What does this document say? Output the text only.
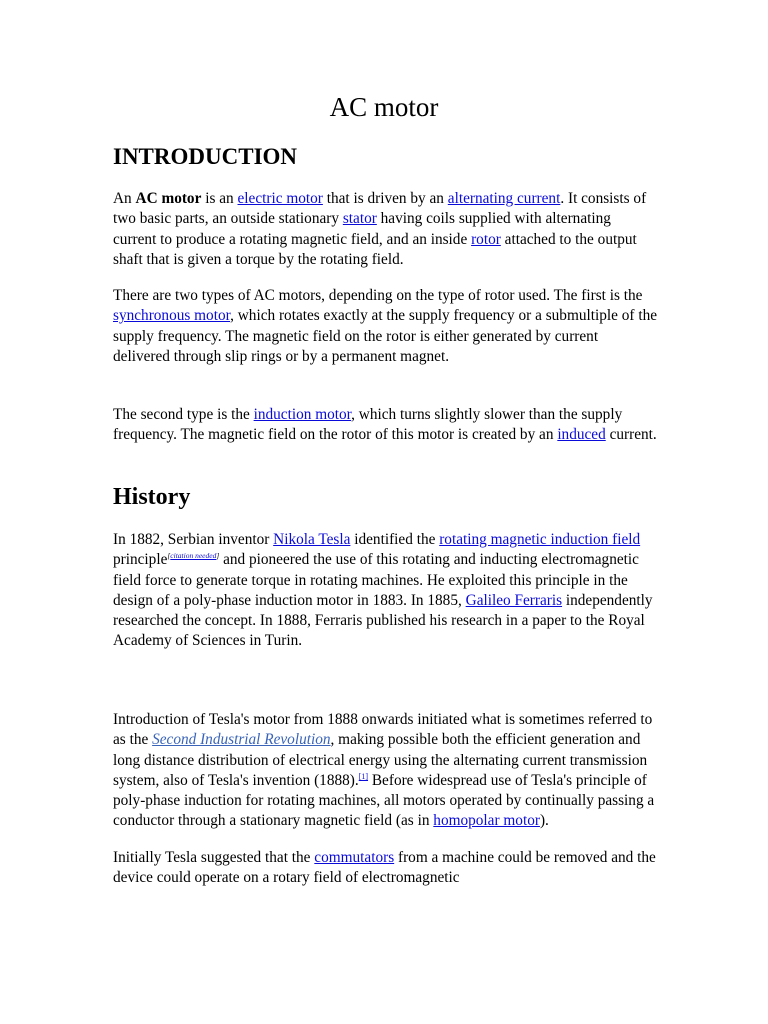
AC motor
INTRODUCTION

An AC motor is an electric motor that is driven by an alternating current. It consists of two basic parts, an outside stationary stator having coils supplied with alternating current to produce a rotating magnetic field, and an inside rotor attached to the output shaft that is given a torque by the rotating field.

There are two types of AC motors, depending on the type of rotor used. The first is the synchronous motor, which rotates exactly at the supply frequency or a submultiple of the supply frequency. The magnetic field on the rotor is either generated by current delivered through slip rings or by a permanent magnet.

The second type is the induction motor, which turns slightly slower than the supply frequency. The magnetic field on the rotor of this motor is created by an induced current.

History

In 1882, Serbian inventor Nikola Tesla identified the rotating magnetic induction field principle[citation needed] and pioneered the use of this rotating and inducting electromagnetic field force to generate torque in rotating machines. He exploited this principle in the design of a poly-phase induction motor in 1883. In 1885, Galileo Ferraris independently researched the concept. In 1888, Ferraris published his research in a paper to the Royal Academy of Sciences in Turin.

Introduction of Tesla's motor from 1888 onwards initiated what is sometimes referred to as the Second Industrial Revolution, making possible both the efficient generation and long distance distribution of electrical energy using the alternating current transmission system, also of Tesla's invention (1888).[1] Before widespread use of Tesla's principle of poly-phase induction for rotating machines, all motors operated by continually passing a conductor through a stationary magnetic field (as in homopolar motor).

Initially Tesla suggested that the commutators from a machine could be removed and the device could operate on a rotary field of electromagnetic
